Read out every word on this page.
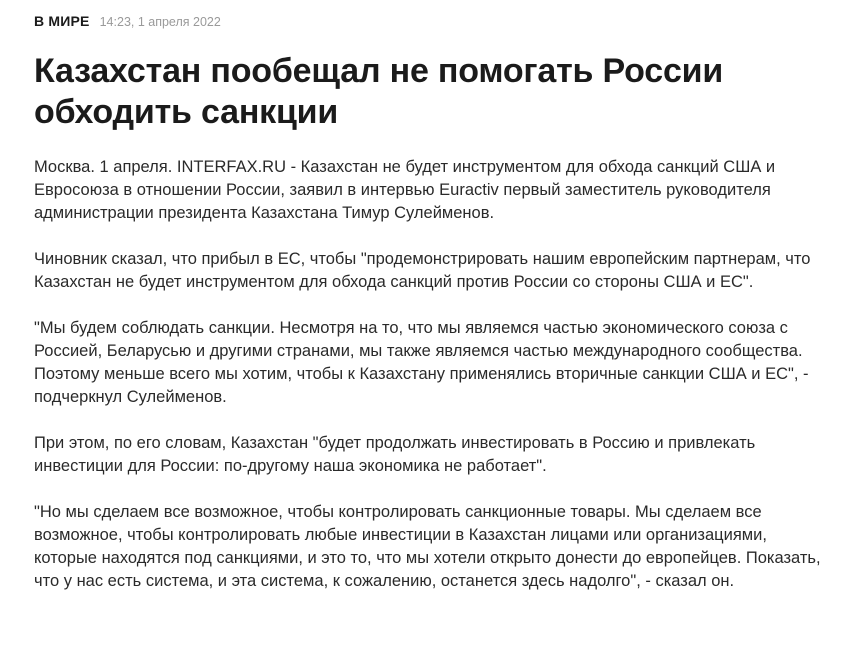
В МИРЕ 14:23, 1 апреля 2022
Казахстан пообещал не помогать России обходить санкции

Москва. 1 апреля. INTERFAX.RU - Казахстан не будет инструментом для обхода санкций США и Евросоюза в отношении России, заявил в интервью Euractiv первый заместитель руководителя администрации президента Казахстана Тимур Сулейменов.

Чиновник сказал, что прибыл в ЕС, чтобы "продемонстрировать нашим европейским партнерам, что Казахстан не будет инструментом для обхода санкций против России со стороны США и ЕС".

"Мы будем соблюдать санкции. Несмотря на то, что мы являемся частью экономического союза с Россией, Беларусью и другими странами, мы также являемся частью международного сообщества. Поэтому меньше всего мы хотим, чтобы к Казахстану применялись вторичные санкции США и ЕС", - подчеркнул Сулейменов.

При этом, по его словам, Казахстан "будет продолжать инвестировать в Россию и привлекать инвестиции для России: по-другому наша экономика не работает".

"Но мы сделаем все возможное, чтобы контролировать санкционные товары. Мы сделаем все возможное, чтобы контролировать любые инвестиции в Казахстан лицами или организациями, которые находятся под санкциями, и это то, что мы хотели открыто донести до европейцев. Показать, что у нас есть система, и эта система, к сожалению, останется здесь надолго", - сказал он.
